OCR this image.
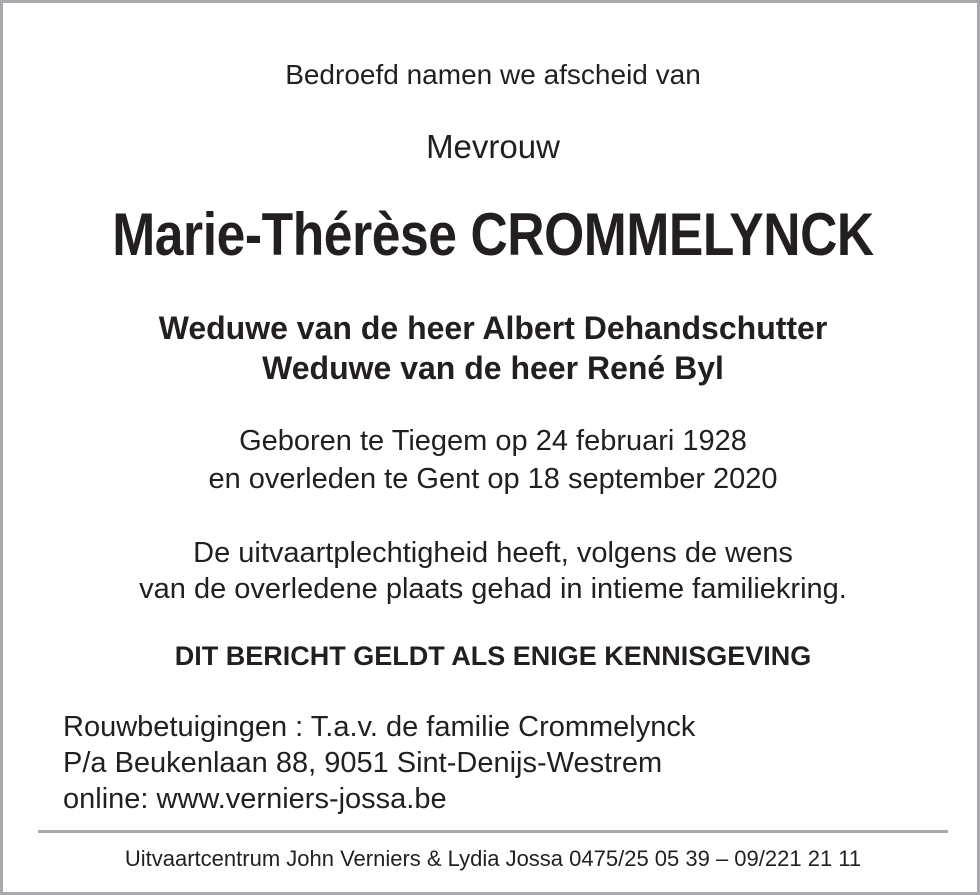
Bedroefd namen we afscheid van
Mevrouw
Marie-Thérèse CROMMELYNCK
Weduwe van de heer Albert Dehandschutter
Weduwe van de heer René Byl
Geboren te Tiegem op 24 februari 1928
en overleden te Gent op 18 september 2020
De uitvaartplechtigheid heeft, volgens de wens
van de overledene plaats gehad in intieme familiekring.
DIT BERICHT GELDT ALS ENIGE KENNISGEVING
Rouwbetuigingen : T.a.v. de familie Crommelynck
P/a Beukenlaan 88, 9051 Sint-Denijs-Westrem
online: www.verniers-jossa.be
Uitvaartcentrum John Verniers & Lydia Jossa 0475/25 05 39 – 09/221 21 11
